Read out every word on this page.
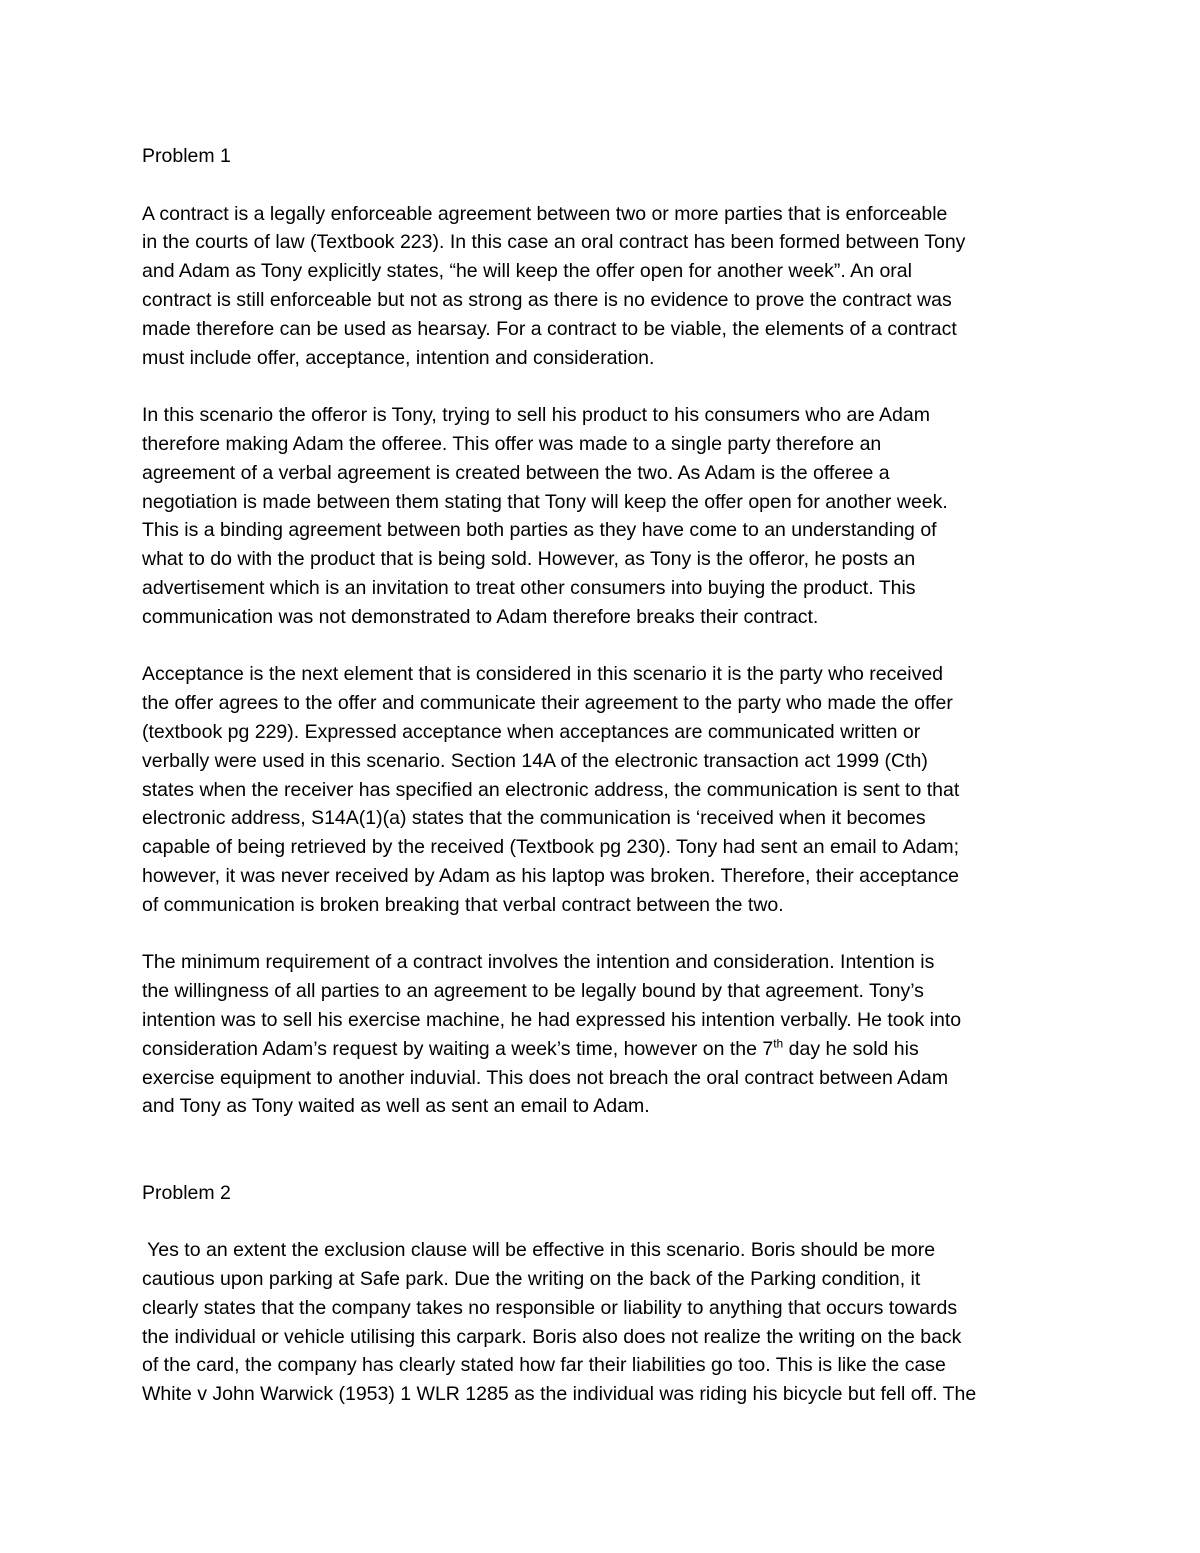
Problem 1
A contract is a legally enforceable agreement between two or more parties that is enforceable
in the courts of law (Textbook 223). In this case an oral contract has been formed between Tony
and Adam as Tony explicitly states, “he will keep the offer open for another week”. An oral
contract is still enforceable but not as strong as there is no evidence to prove the contract was
made therefore can be used as hearsay. For a contract to be viable, the elements of a contract
must include offer, acceptance, intention and consideration.
In this scenario the offeror is Tony, trying to sell his product to his consumers who are Adam
therefore making Adam the offeree. This offer was made to a single party therefore an
agreement of a verbal agreement is created between the two. As Adam is the offeree a
negotiation is made between them stating that Tony will keep the offer open for another week.
This is a binding agreement between both parties as they have come to an understanding of
what to do with the product that is being sold. However, as Tony is the offeror, he posts an
advertisement which is an invitation to treat other consumers into buying the product. This
communication was not demonstrated to Adam therefore breaks their contract.
Acceptance is the next element that is considered in this scenario it is the party who received
the offer agrees to the offer and communicate their agreement to the party who made the offer
(textbook pg 229). Expressed acceptance when acceptances are communicated written or
verbally were used in this scenario. Section 14A of the electronic transaction act 1999 (Cth)
states when the receiver has specified an electronic address, the communication is sent to that
electronic address, S14A(1)(a) states that the communication is ‘received when it becomes
capable of being retrieved by the received (Textbook pg 230). Tony had sent an email to Adam;
however, it was never received by Adam as his laptop was broken. Therefore, their acceptance
of communication is broken breaking that verbal contract between the two.
The minimum requirement of a contract involves the intention and consideration. Intention is
the willingness of all parties to an agreement to be legally bound by that agreement. Tony’s
intention was to sell his exercise machine, he had expressed his intention verbally. He took into
consideration Adam’s request by waiting a week’s time, however on the 7th day he sold his
exercise equipment to another induvial. This does not breach the oral contract between Adam
and Tony as Tony waited as well as sent an email to Adam.
Problem 2
Yes to an extent the exclusion clause will be effective in this scenario. Boris should be more
cautious upon parking at Safe park. Due the writing on the back of the Parking condition, it
clearly states that the company takes no responsible or liability to anything that occurs towards
the individual or vehicle utilising this carpark. Boris also does not realize the writing on the back
of the card, the company has clearly stated how far their liabilities go too. This is like the case
White v John Warwick (1953) 1 WLR 1285 as the individual was riding his bicycle but fell off. The
